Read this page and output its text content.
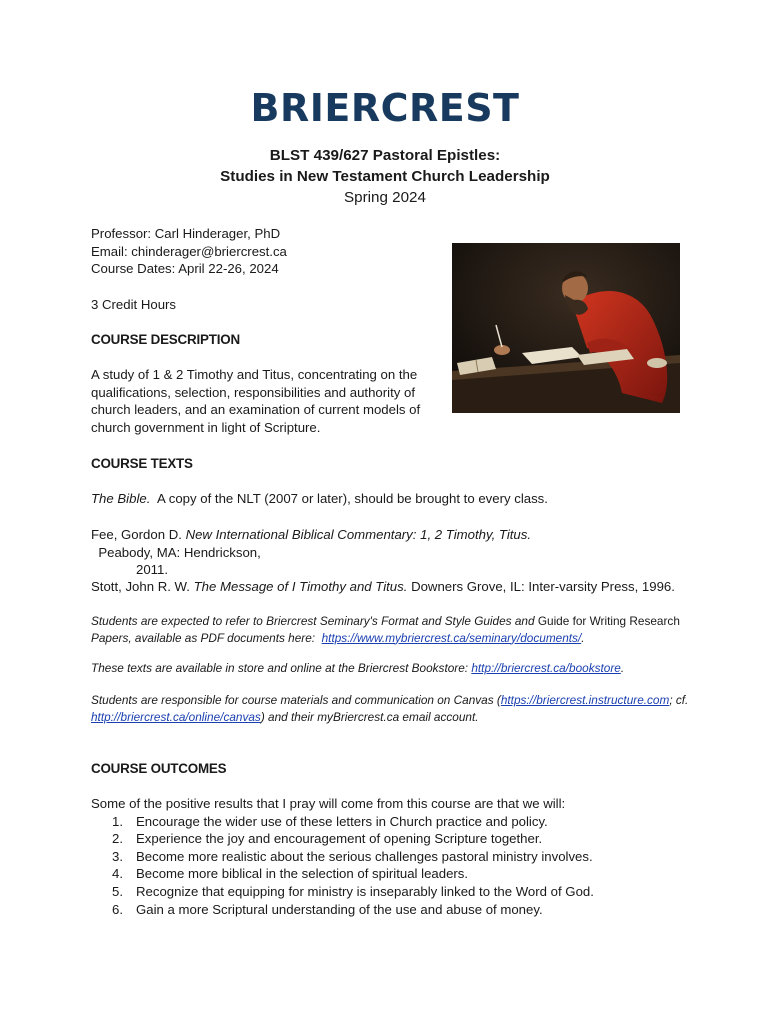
BRIERCREST
BLST 439/627 Pastoral Epistles:
Studies in New Testament Church Leadership
Spring 2024

Professor: Carl Hinderager, PhD

Email: chinderager@briercrest.ca

Course Dates: April 22-26, 2024

3 Credit Hours

COURSE DESCRIPTION

A study of 1 & 2 Timothy and Titus, concentrating on the
qualifications, selection, responsibilities and authority of
church leaders, and an examination of current models of
church government in light of Scripture.

COURSE TEXTS

The Bible.  A copy of the NLT (2007 or later), should be brought to every class.

Fee, Gordon D. New International Biblical Commentary: 1, 2 Timothy, Titus.  Peabody, MA: Hendrickson,
2011.

Stott, John R. W. The Message of I Timothy and Titus. Downers Grove, IL: Inter-varsity Press, 1996.

Students are expected to refer to Briercrest Seminary's Format and Style Guides and Guide for Writing Research
Papers, available as PDF documents here:  https://www.mybriercrest.ca/seminary/documents/.
These texts are available in store and online at the Briercrest Bookstore: http://briercrest.ca/bookstore.
Students are responsible for course materials and communication on Canvas (https://briercrest.instructure.com; cf.
http://briercrest.ca/online/canvas) and their myBriercrest.ca email account.

COURSE OUTCOMES

Some of the positive results that I pray will come from this course are that we will:
1. Encourage the wider use of these letters in Church practice and policy.
2. Experience the joy and encouragement of opening Scripture together.
3. Become more realistic about the serious challenges pastoral ministry involves.
4. Become more biblical in the selection of spiritual leaders.
5. Recognize that equipping for ministry is inseparably linked to the Word of God.
6. Gain a more Scriptural understanding of the use and abuse of money.
